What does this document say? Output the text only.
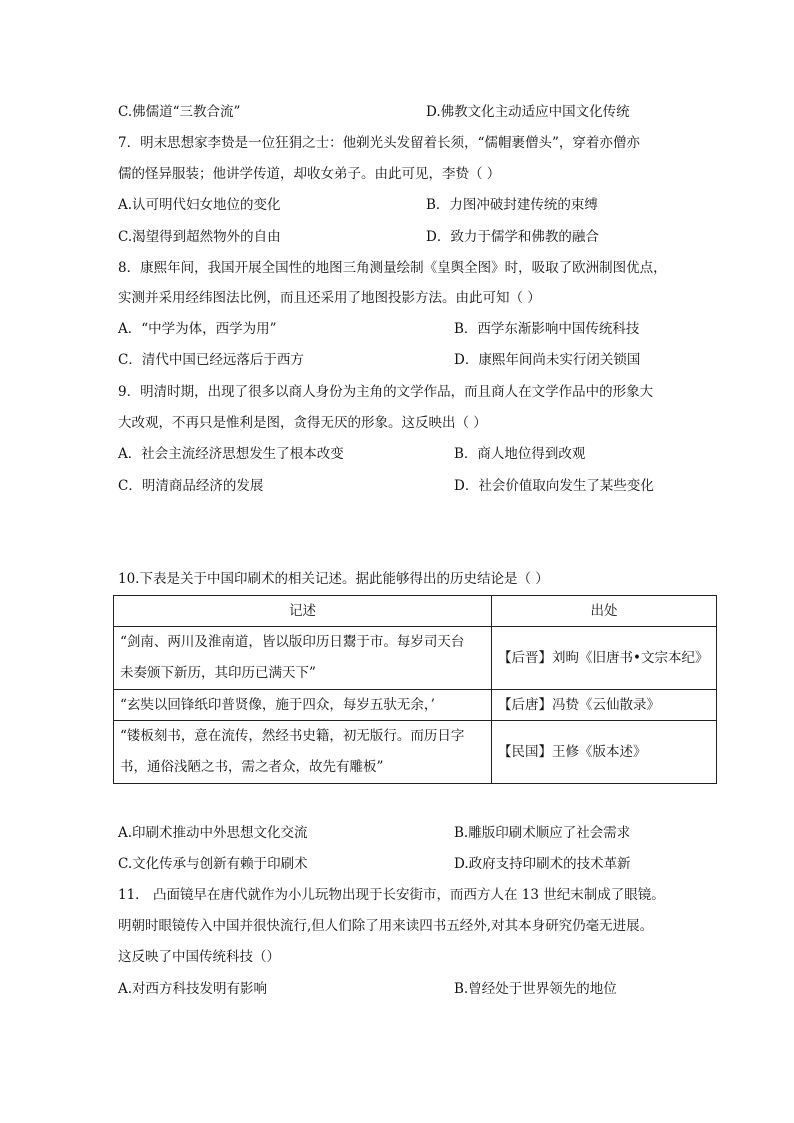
C.佛儒道“三教合流”	D.佛教文化主动适应中国文化传统
7．明末思想家李贽是一位狂狷之士：他剃光头发留着长须，“儒帽裹僧头”，穿着亦僧亦
儒的怪异服装；他讲学传道，却收女弟子。由此可见，李贽（ ）
A.认可明代妇女地位的变化	B．力图冲破封建传统的束缚
C.渴望得到超然物外的自由	D．致力于儒学和佛教的融合
8．康熙年间，我国开展全国性的地图三角测量绘制《皇舆全图》时，吸取了欧洲制图优点，
实测并采用经纬图法比例，而且还采用了地图投影方法。由此可知（ ）
A．“中学为体，西学为用”	B．西学东渐影响中国传统科技
C．清代中国已经远落后于西方	D．康熙年间尚未实行闭关锁国
9．明清时期，出现了很多以商人身份为主角的文学作品，而且商人在文学作品中的形象大
大改观，不再只是惟利是图，贪得无厌的形象。这反映出（ ）
A．社会主流经济思想发生了根本改变	B．商人地位得到改观
C．明清商品经济的发展	D．社会价值取向发生了某些变化
10.下表是关于中国印刷术的相关记述。据此能够得出的历史结论是（ ）
记述	出处

“剑南、两川及淮南道，皆以版印历日鬻于市。每岁司天台
未奏颁下新历，其印历已满天下”	【后晋】刘昫《旧唐书•文宗本纪》
“玄奘以回锋纸印普贤像，施于四众，每岁五驮无余，’	【后唐】冯贽《云仙散录》

“镂板刻书，意在流传，然经书史籍，初无版行。而历日字
书，通俗浅陋之书，需之者众，故先有雕板”	【民国】王修《版本述》
A.印刷术推动中外思想文化交流	B.雕版印刷术顺应了社会需求
C.文化传承与创新有赖于印刷术	D.政府支持印刷术的技术革新
11． 凸面镜早在唐代就作为小儿玩物出现于长安街市，而西方人在 13 世纪末制成了眼镜。
明朝时眼镜传入中国并很快流行,但人们除了用来读四书五经外,对其本身研究仍毫无进展。
这反映了中国传统科技（）
A.对西方科技发明有影响	B.曾经处于世界领先的地位
